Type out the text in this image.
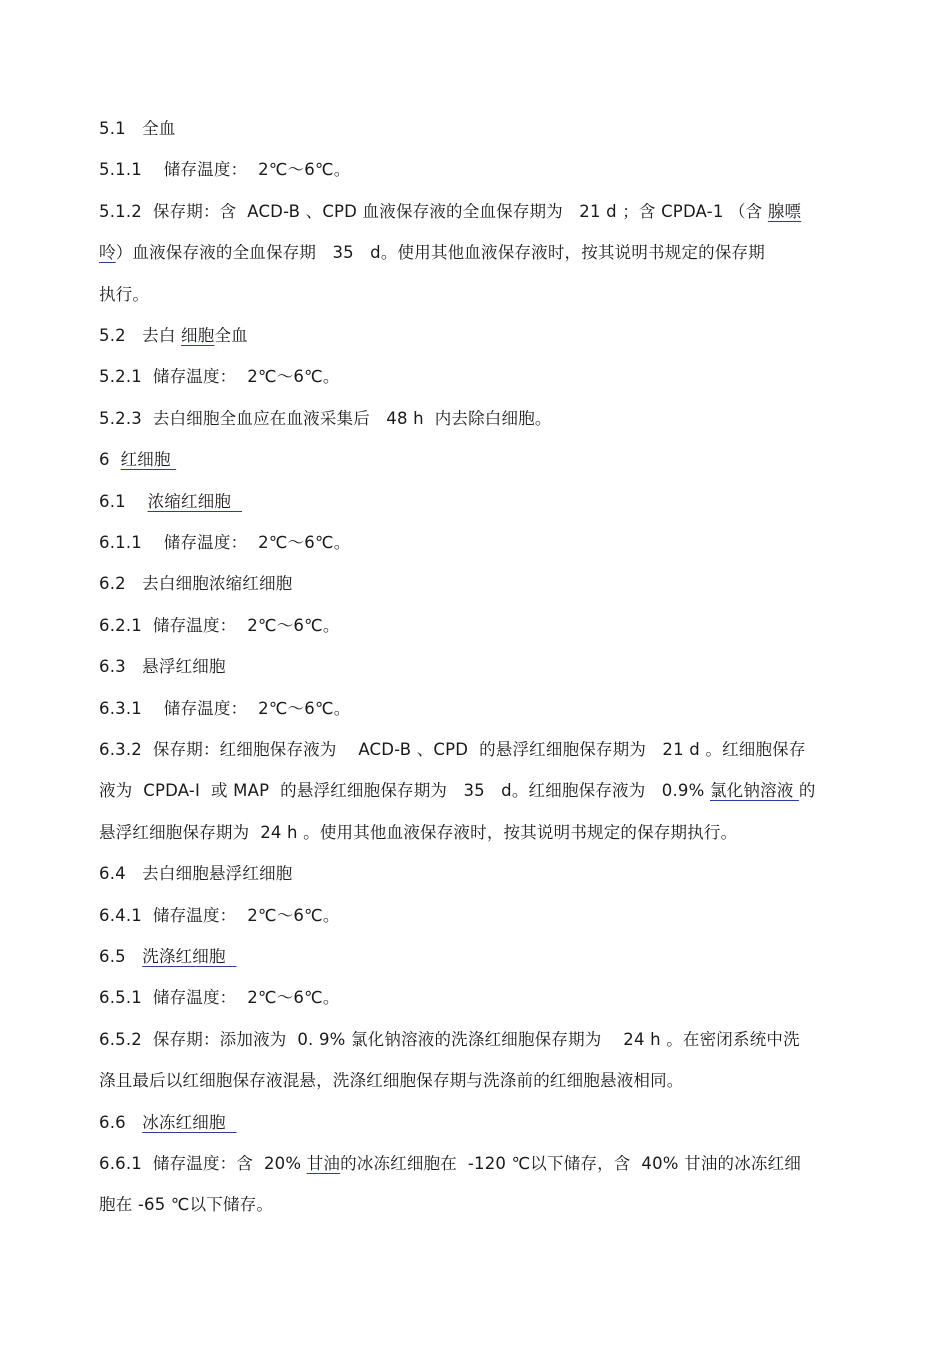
5.1   全血
5.1.1    储存温度：  2℃～6℃。
5.1.2  保存期：含  ACD-B 、CPD 血液保存液的全血保存期为   21 d ；含 CPDA-1 （含 腺嘌
呤）血液保存液的全血保存期   35   d。使用其他血液保存液时，按其说明书规定的保存期
执行。
5.2   去白 细胞全血
5.2.1  储存温度：  2℃～6℃。
5.2.3  去白细胞全血应在血液采集后   48 h  内去除白细胞。
6  红细胞
6.1    浓缩红细胞
6.1.1    储存温度：  2℃～6℃。
6.2   去白细胞浓缩红细胞
6.2.1  储存温度：  2℃～6℃。
6.3   悬浮红细胞
6.3.1    储存温度：  2℃～6℃。
6.3.2  保存期：红细胞保存液为    ACD-B 、CPD  的悬浮红细胞保存期为   21 d 。红细胞保存
液为  CPDA-I  或 MAP  的悬浮红细胞保存期为   35   d。红细胞保存液为   0.9% 氯化钠溶液 的
悬浮红细胞保存期为  24 h 。使用其他血液保存液时，按其说明书规定的保存期执行。
6.4   去白细胞悬浮红细胞
6.4.1  储存温度：  2℃～6℃。
6.5   洗涤红细胞
6.5.1  储存温度：  2℃～6℃。
6.5.2  保存期：添加液为  0. 9% 氯化钠溶液的洗涤红细胞保存期为    24 h 。在密闭系统中洗
涤且最后以红细胞保存液混悬，洗涤红细胞保存期与洗涤前的红细胞悬液相同。
6.6   冰冻红细胞
6.6.1  储存温度：含  20% 甘油的冰冻红细胞在  -120 ℃以下储存，含  40% 甘油的冰冻红细
胞在 -65 ℃以下储存。
